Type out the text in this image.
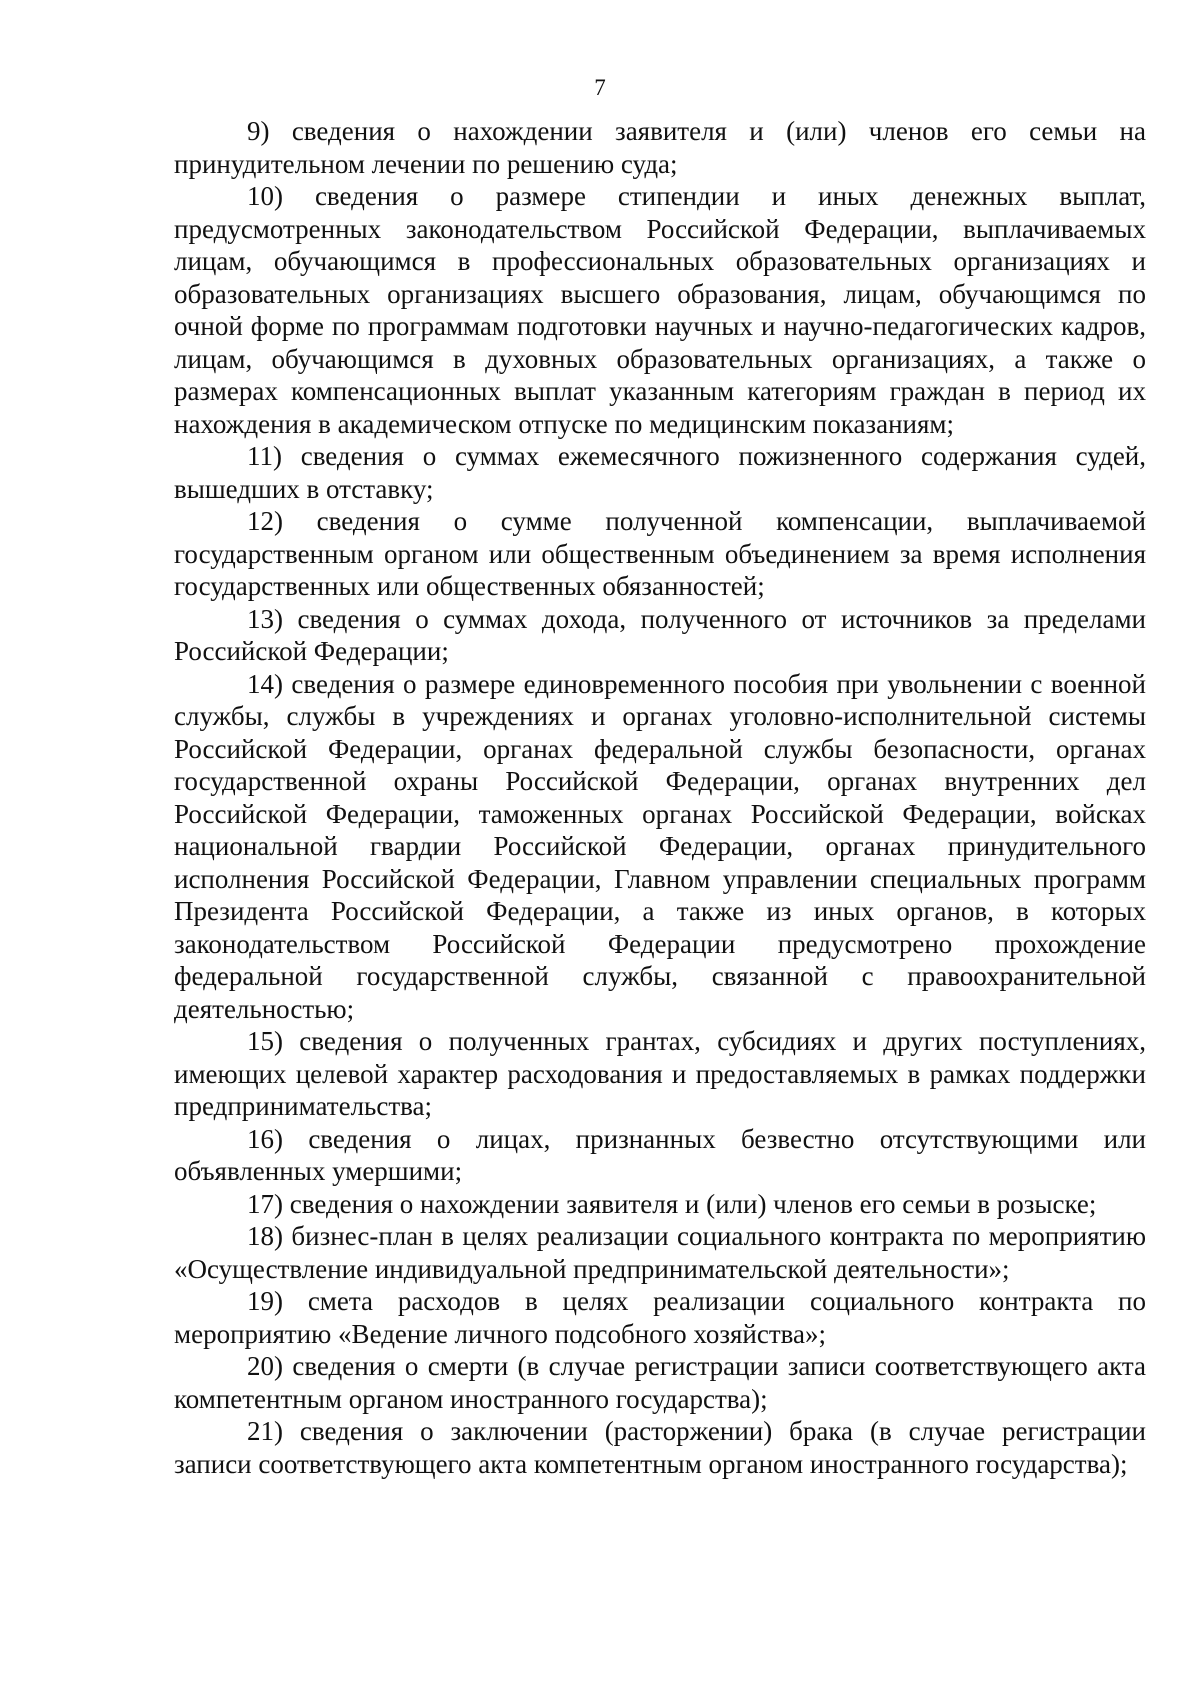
7

9) сведения о нахождении заявителя и (или) членов его семьи на принудительном лечении по решению суда;

10) сведения о размере стипендии и иных денежных выплат, предусмотренных законодательством Российской Федерации, выплачиваемых лицам, обучающимся в профессиональных образовательных организациях и образовательных организациях высшего образования, лицам, обучающимся по очной форме по программам подготовки научных и научно-педагогических кадров, лицам, обучающимся в духовных образовательных организациях, а также о размерах компенсационных выплат указанным категориям граждан в период их нахождения в академическом отпуске по медицинским показаниям;

11) сведения о суммах ежемесячного пожизненного содержания судей, вышедших в отставку;

12) сведения о сумме полученной компенсации, выплачиваемой государственным органом или общественным объединением за время исполнения государственных или общественных обязанностей;

13) сведения о суммах дохода, полученного от источников за пределами Российской Федерации;

14) сведения о размере единовременного пособия при увольнении с военной службы, службы в учреждениях и органах уголовно-исполнительной системы Российской Федерации, органах федеральной службы безопасности, органах государственной охраны Российской Федерации, органах внутренних дел Российской Федерации, таможенных органах Российской Федерации, войсках национальной гвардии Российской Федерации, органах принудительного исполнения Российской Федерации, Главном управлении специальных программ Президента Российской Федерации, а также из иных органов, в которых законодательством Российской Федерации предусмотрено прохождение федеральной государственной службы, связанной с правоохранительной деятельностью;

15) сведения о полученных грантах, субсидиях и других поступлениях, имеющих целевой характер расходования и предоставляемых в рамках поддержки предпринимательства;

16) сведения о лицах, признанных безвестно отсутствующими или объявленных умершими;

17) сведения о нахождении заявителя и (или) членов его семьи в розыске;

18) бизнес-план в целях реализации социального контракта по мероприятию «Осуществление индивидуальной предпринимательской деятельности»;

19) смета расходов в целях реализации социального контракта по мероприятию «Ведение личного подсобного хозяйства»;

20) сведения о смерти (в случае регистрации записи соответствующего акта компетентным органом иностранного государства);

21) сведения о заключении (расторжении) брака (в случае регистрации записи соответствующего акта компетентным органом иностранного государства);
